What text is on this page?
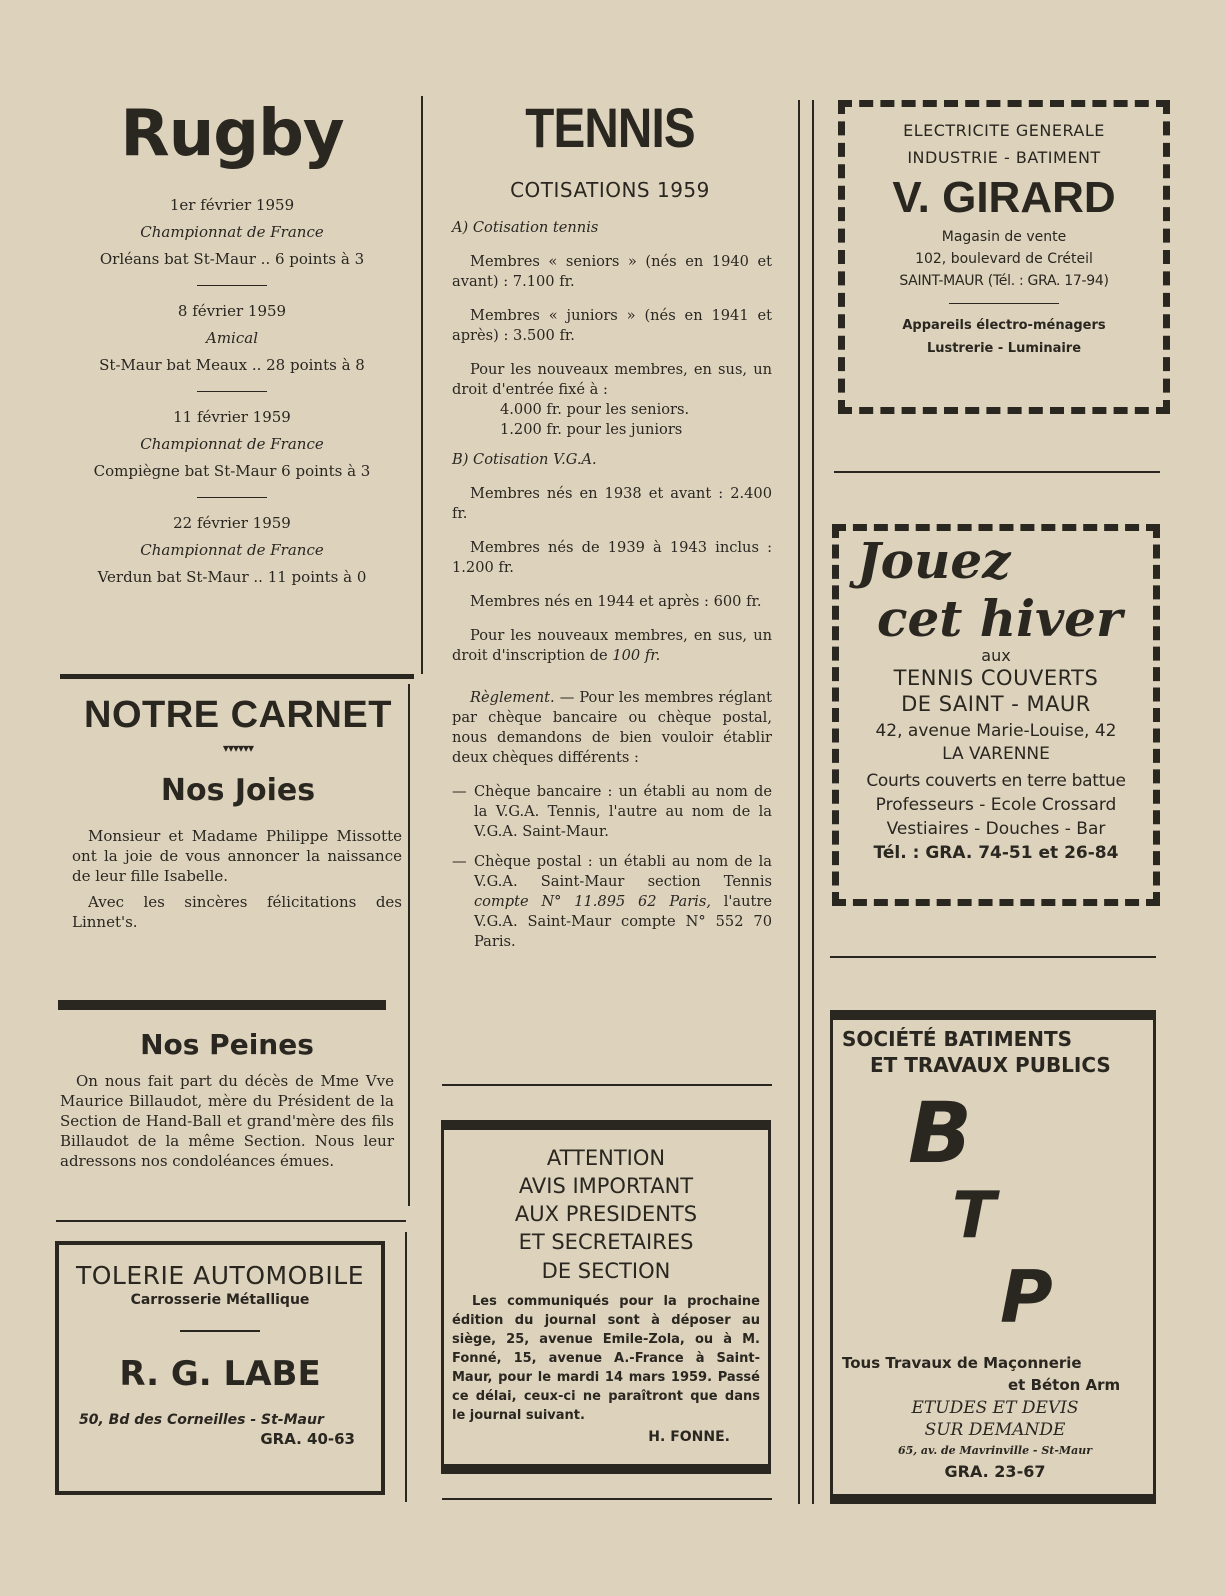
Rugby
1er février 1959
Championnat de France
Orléans bat St-Maur .. 6 points à 3
8 février 1959
Amical
St-Maur bat Meaux .. 28 points à 8
11 février 1959
Championnat de France
Compiègne bat St-Maur 6 points à 3
22 février 1959
Championnat de France
Verdun bat St-Maur .. 11 points à 0
NOTRE CARNET
▾▾▾▾▾▾
Nos Joies

Monsieur et Madame Philippe Missotte ont la joie de vous annoncer la naissance de leur fille Isabelle.

Avec les sincères félicitations des Linnet's.

Nos Peines

On nous fait part du décès de Mme Vve Maurice Billaudot, mère du Président de la Section de Hand-Ball et grand'mère des fils Billaudot de la même Section. Nous leur adressons nos condoléances émues.

TOLERIE AUTOMOBILE
Carrosserie Métallique
R. G. LABE
50, Bd des Corneilles - St-Maur
GRA. 40-63
TENNIS
COTISATIONS 1959

A) Cotisation tennis

Membres « seniors » (nés en 1940 et avant) : 7.100 fr.

Membres « juniors » (nés en 1941 et après) : 3.500 fr.

Pour les nouveaux membres, en sus, un droit d'entrée fixé à :

4.000 fr. pour les seniors.

1.200 fr. pour les juniors

B) Cotisation V.G.A.

Membres nés en 1938 et avant : 2.400 fr.

Membres nés de 1939 à 1943 inclus : 1.200 fr.

Membres nés en 1944 et après : 600 fr.

Pour les nouveaux membres, en sus, un droit d'inscription de 100 fr.

Règlement. — Pour les membres réglant par chèque bancaire ou chèque postal, nous demandons de bien vouloir établir deux chèques différents :

— Chèque bancaire : un établi au nom de la V.G.A. Tennis, l'autre au nom de la V.G.A. Saint-Maur.

— Chèque postal : un établi au nom de la V.G.A. Saint-Maur section Tennis compte N° 11.895 62 Paris, l'autre V.G.A. Saint-Maur compte N° 552 70 Paris.

ATTENTION
AVIS IMPORTANT
AUX PRESIDENTS
ET SECRETAIRES
DE SECTION

Les communiqués pour la prochaine édition du journal sont à déposer au siège, 25, avenue Emile-Zola, ou à M. Fonné, 15, avenue A.-France à Saint-Maur, pour le mardi 14 mars 1959. Passé ce délai, ceux-ci ne paraîtront que dans le journal suivant.

H. FONNE.
ELECTRICITE GENERALE
INDUSTRIE - BATIMENT
V. GIRARD
Magasin de vente
102, boulevard de Créteil
SAINT-MAUR (Tél. : GRA. 17-94)
Appareils électro-ménagers
Lustrerie - Luminaire
Jouez
cet hiver
aux
TENNIS COUVERTS
DE SAINT - MAUR
42, avenue Marie-Louise, 42
LA VARENNE
Courts couverts en terre battue
Professeurs - Ecole Crossard
Vestiaires - Douches - Bar
Tél. : GRA. 74-51 et 26-84
SOCIÉTÉ BATIMENTS
ET TRAVAUX PUBLICS
B
T
P
Tous Travaux de Maçonnerie
et Béton Arm
ETUDES ET DEVIS
SUR DEMANDE
65, av. de Mavrinville - St-Maur
GRA. 23-67
